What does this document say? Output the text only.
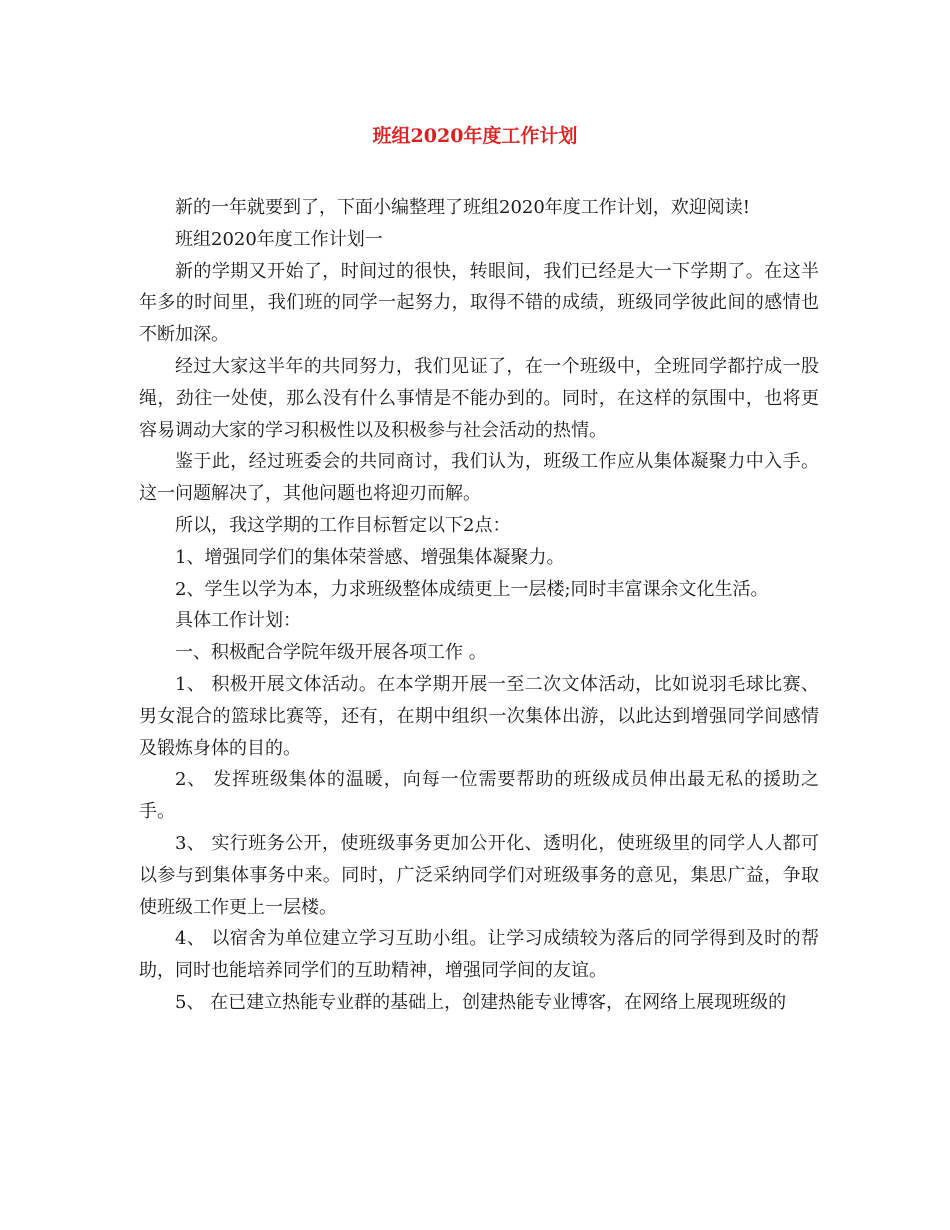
班组2020年度工作计划

新的一年就要到了，下面小编整理了班组2020年度工作计划，欢迎阅读!

班组2020年度工作计划一

新的学期又开始了，时间过的很快，转眼间，我们已经是大一下学期了。在这半年多的时间里，我们班的同学一起努力，取得不错的成绩，班级同学彼此间的感情也不断加深。

经过大家这半年的共同努力，我们见证了，在一个班级中，全班同学都拧成一股绳，劲往一处使，那么没有什么事情是不能办到的。同时，在这样的氛围中，也将更容易调动大家的学习积极性以及积极参与社会活动的热情。

鉴于此，经过班委会的共同商讨，我们认为，班级工作应从集体凝聚力中入手。这一问题解决了，其他问题也将迎刃而解。

所以，我这学期的工作目标暂定以下2点：

1、增强同学们的集体荣誉感、增强集体凝聚力。

2、学生以学为本，力求班级整体成绩更上一层楼;同时丰富课余文化生活。

具体工作计划：

一、积极配合学院年级开展各项工作 。

1、 积极开展文体活动。在本学期开展一至二次文体活动，比如说羽毛球比赛、男女混合的篮球比赛等，还有，在期中组织一次集体出游，以此达到增强同学间感情及锻炼身体的目的。

2、 发挥班级集体的温暖，向每一位需要帮助的班级成员伸出最无私的援助之手。

3、 实行班务公开，使班级事务更加公开化、透明化，使班级里的同学人人都可以参与到集体事务中来。同时，广泛采纳同学们对班级事务的意见，集思广益，争取使班级工作更上一层楼。

4、 以宿舍为单位建立学习互助小组。让学习成绩较为落后的同学得到及时的帮助，同时也能培养同学们的互助精神，增强同学间的友谊。

5、 在已建立热能专业群的基础上，创建热能专业博客，在网络上展现班级的
